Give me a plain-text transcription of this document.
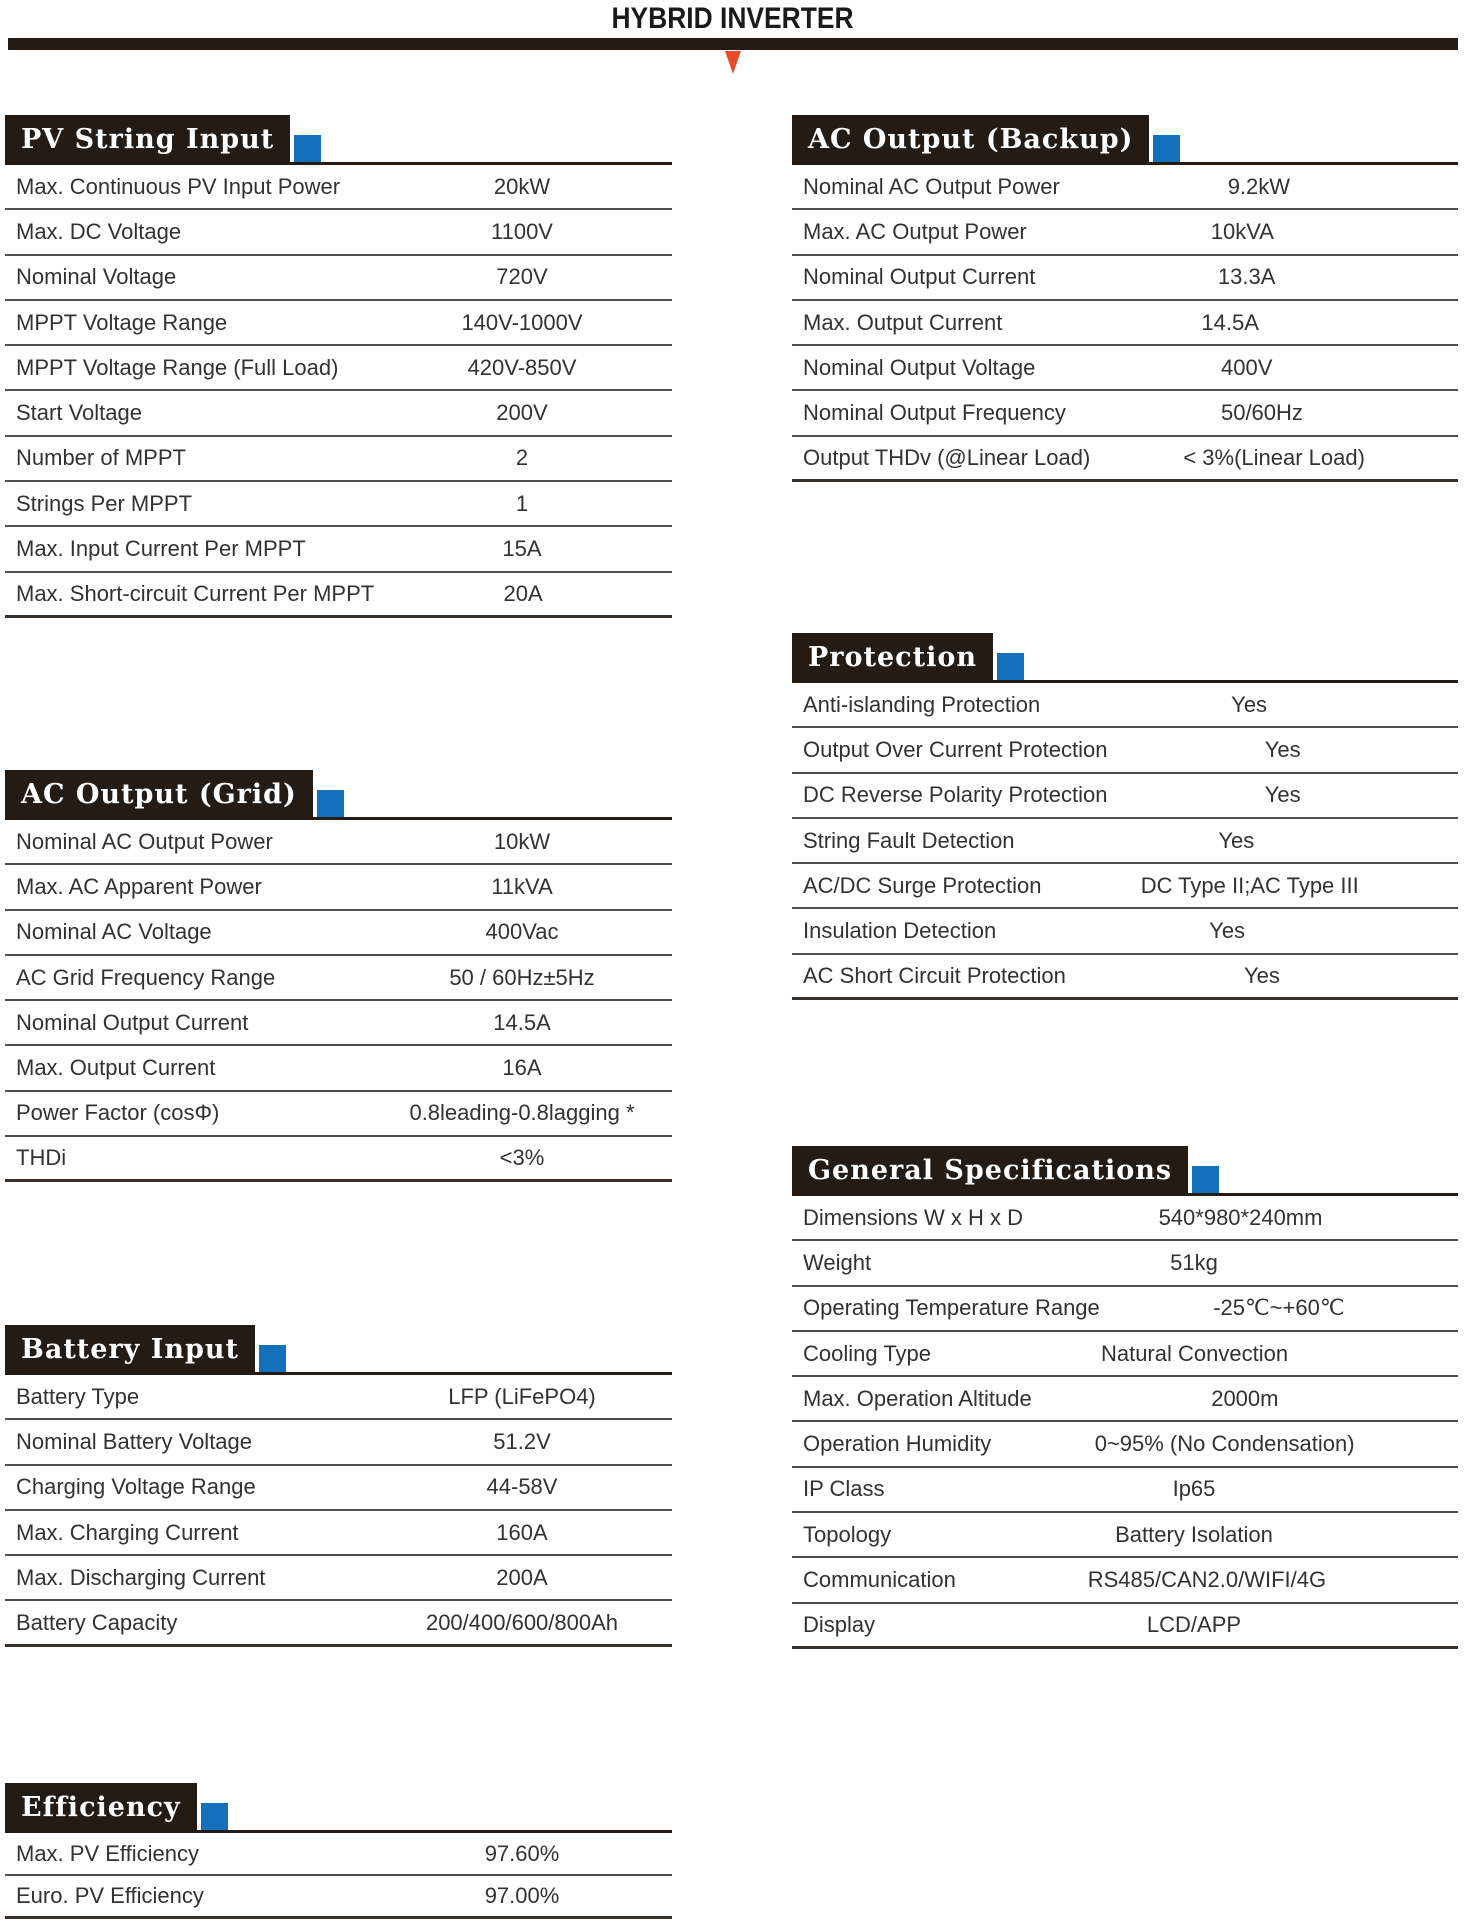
HYBRID INVERTER
PV String Input
Max. Continuous PV Input Power	20kW
Max. DC Voltage	1100V
Nominal Voltage	720V
MPPT Voltage Range	140V-1000V
MPPT Voltage Range (Full Load)	420V-850V
Start Voltage	200V
Number of MPPT	2
Strings Per MPPT	1
Max. Input Current Per MPPT	15A
Max. Short-circuit Current Per MPPT	20A
AC Output (Grid)
Nominal AC Output Power	10kW
Max. AC Apparent Power	11kVA
Nominal AC Voltage	400Vac
AC Grid Frequency Range	50 / 60Hz±5Hz
Nominal Output Current	14.5A
Max. Output Current	16A
Power Factor (cosΦ)	0.8leading-0.8lagging *
THDi	<3%
Battery Input
Battery Type	LFP (LiFePO4)
Nominal Battery Voltage	51.2V
Charging Voltage Range	44-58V
Max. Charging Current	160A
Max. Discharging Current	200A
Battery Capacity	200/400/600/800Ah
Efficiency
Max. PV Efficiency	97.60%
Euro. PV Efficiency	97.00%
AC Output (Backup)
Nominal AC Output Power	9.2kW
Max. AC Output Power	10kVA
Nominal Output Current	13.3A
Max. Output Current	14.5A
Nominal Output Voltage	400V
Nominal Output Frequency	50/60Hz
Output THDv (@Linear Load)	< 3%(Linear Load)
Protection
Anti-islanding Protection	Yes
Output Over Current Protection	Yes
DC Reverse Polarity Protection	Yes
String Fault Detection	Yes
AC/DC Surge Protection	DC Type II;AC Type III
Insulation Detection	Yes
AC Short Circuit Protection	Yes
General Specifications
Dimensions W x H x D	540*980*240mm
Weight	51kg
Operating Temperature Range	-25℃~+60℃
Cooling Type	Natural Convection
Max. Operation Altitude	2000m
Operation Humidity	0~95% (No Condensation)
IP Class	Ip65
Topology	Battery Isolation
Communication	RS485/CAN2.0/WIFI/4G
Display	LCD/APP
